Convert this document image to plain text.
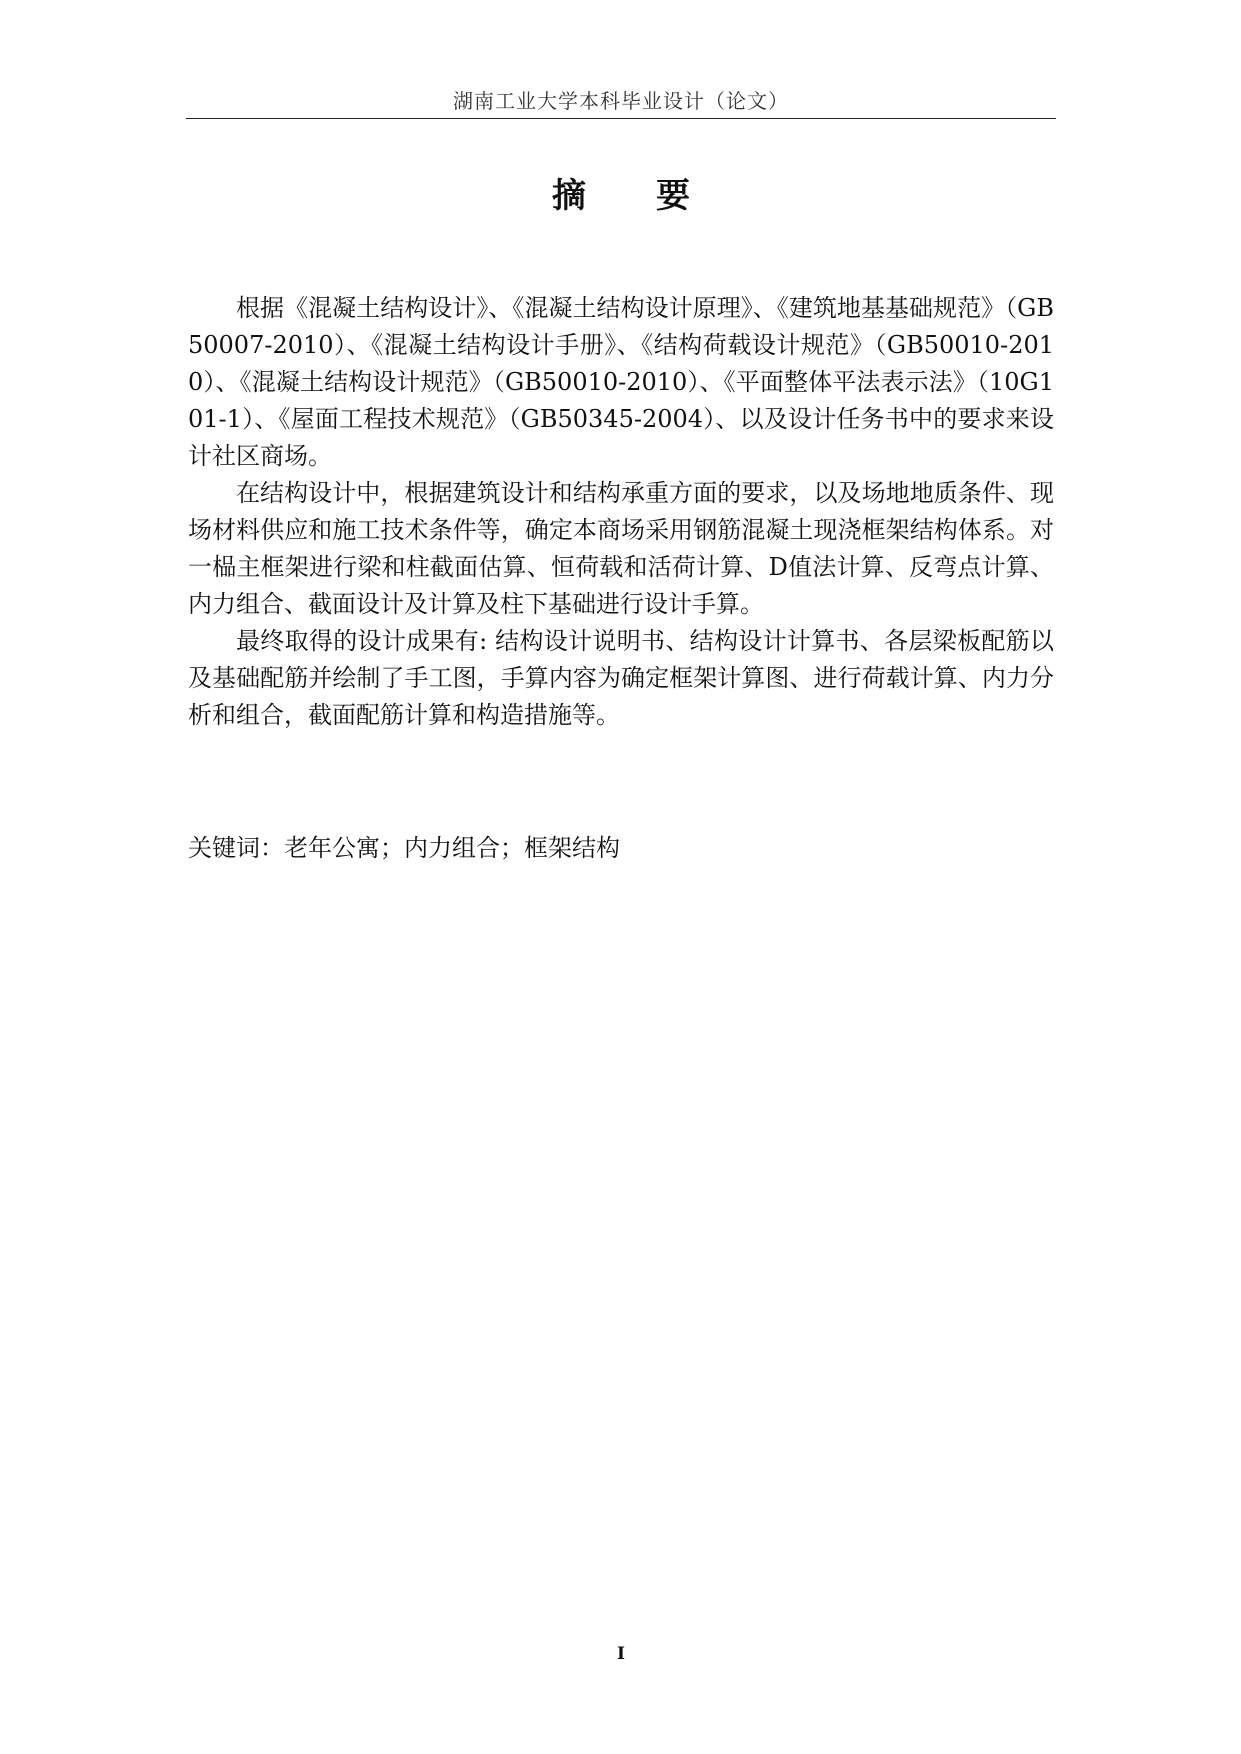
湖南工业大学本科毕业设计（论文）
摘　要

根据《混凝土结构设计》、《混凝土结构设计原理》、《建筑地基基础规范》（GB50007-2010）、《混凝土结构设计手册》、《结构荷载设计规范》（GB50010-2010）、《混凝土结构设计规范》（GB50010-2010）、《平面整体平法表示法》（10G101-1）、《屋面工程技术规范》（GB50345-2004）、以及设计任务书中的要求来设计社区商场。

在结构设计中，根据建筑设计和结构承重方面的要求，以及场地地质条件、现场材料供应和施工技术条件等，确定本商场采用钢筋混凝土现浇框架结构体系。对一榀主框架进行梁和柱截面估算、恒荷载和活荷计算、D值法计算、反弯点计算、内力组合、截面设计及计算及柱下基础进行设计手算。

最终取得的设计成果有: 结构设计说明书、结构设计计算书、各层梁板配筋以及基础配筋并绘制了手工图，手算内容为确定框架计算图、进行荷载计算、内力分析和组合，截面配筋计算和构造措施等。

关键词：老年公寓；内力组合；框架结构
I
